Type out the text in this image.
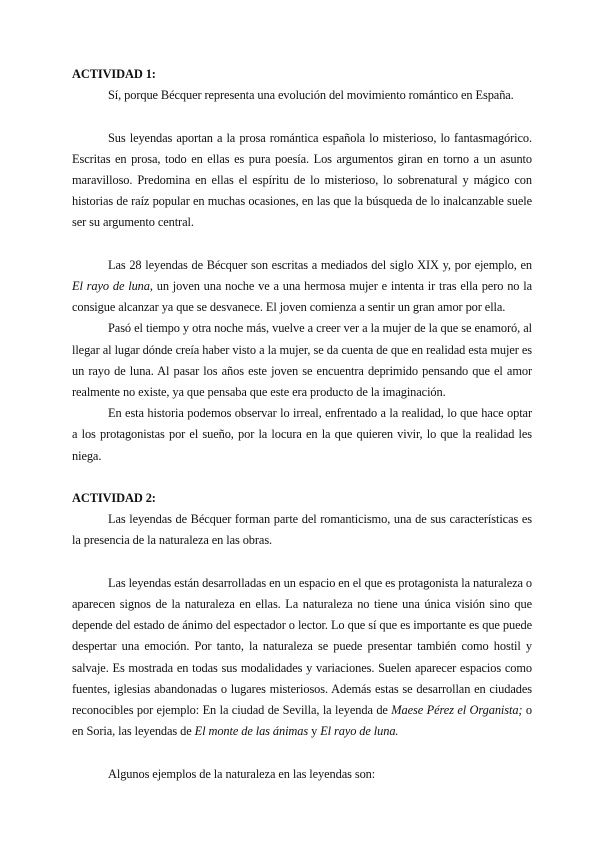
ACTIVIDAD 1:

Sí, porque Bécquer representa una evolución del movimiento romántico en España.

Sus leyendas aportan a la prosa romántica española lo misterioso, lo fantasmagórico. Escritas en prosa, todo en ellas es pura poesía. Los argumentos giran en torno a un asunto maravilloso. Predomina en ellas el espíritu de lo misterioso, lo sobrenatural y mágico con historias de raíz popular en muchas ocasiones, en las que la búsqueda de lo inalcanzable suele ser su argumento central.

Las 28 leyendas de Bécquer son escritas a mediados del siglo XIX y, por ejemplo, en El rayo de luna, un joven una noche ve a una hermosa mujer e intenta ir tras ella pero no la consigue alcanzar ya que se desvanece. El joven comienza a sentir un gran amor por ella.

Pasó el tiempo y otra noche más, vuelve a creer ver a la mujer de la que se enamoró, al llegar al lugar dónde creía haber visto a la mujer, se da cuenta de que en realidad esta mujer es un rayo de luna. Al pasar los años este joven se encuentra deprimido pensando que el amor realmente no existe, ya que pensaba que este era producto de la imaginación.

En esta historia podemos observar lo irreal, enfrentado a la realidad, lo que hace optar a los protagonistas por el sueño, por la locura en la que quieren vivir, lo que la realidad les niega.

ACTIVIDAD 2:

Las leyendas de Bécquer forman parte del romanticismo, una de sus características es la presencia de la naturaleza en las obras.

Las leyendas están desarrolladas en un espacio en el que es protagonista la naturaleza o aparecen signos de la naturaleza en ellas. La naturaleza no tiene una única visión sino que depende del estado de ánimo del espectador o lector. Lo que sí que es importante es que puede despertar una emoción. Por tanto, la naturaleza se puede presentar también como hostil y salvaje. Es mostrada en todas sus modalidades y variaciones. Suelen aparecer espacios como fuentes, iglesias abandonadas o lugares misteriosos. Además estas se desarrollan en ciudades reconocibles por ejemplo: En la ciudad de Sevilla, la leyenda de Maese Pérez el Organista; o en Soria, las leyendas de El monte de las ánimas y El rayo de luna.

Algunos ejemplos de la naturaleza en las leyendas son:
